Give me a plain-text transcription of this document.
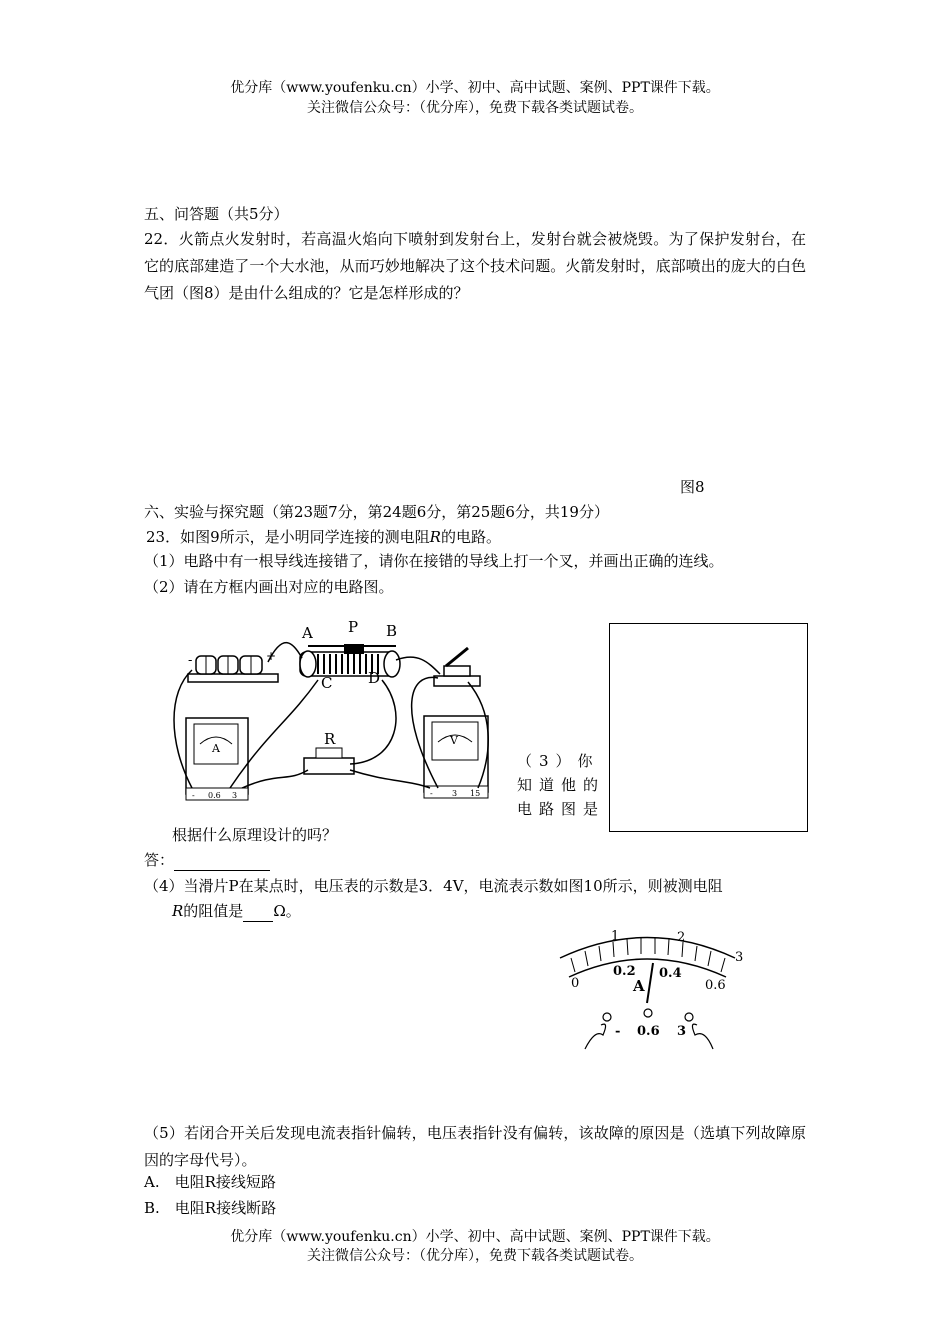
优分库（www.youfenku.cn）小学、初中、高中试题、案例、PPT课件下载。
关注微信公众号：（优分库），免费下载各类试题试卷。
五、问答题（共5分）
22．火箭点火发射时，若高温火焰向下喷射到发射台上，发射台就会被烧毁。为了保护发射台，在它的底部建造了一个大水池，从而巧妙地解决了这个技术问题。火箭发射时，底部喷出的庞大的白色气团（图8）是由什么组成的？它是怎样形成的？
图8
六、实验与探究题（第23题7分，第24题6分，第25题6分，共19分）
23．如图9所示，是小明同学连接的测电阻R的电路。
（1）电路中有一根导线连接错了，请你在接错的导线上打一个叉，并画出正确的连线。
（2）请在方框内画出对应的电路图。
-	+
A P B
C D
A
- 0.6 3
R	V
- 3 15
（3）你
知道他的
电路图是
根据什么原理设计的吗？
答：
（4）当滑片P在某点时，电压表的示数是3．4V，电流表示数如图10所示，则被测电阻
R的阻值是 Ω。
1	2
3
0
0.2 0.4
0.6
A
- 0.6 3
（5）若闭合开关后发现电流表指针偏转，电压表指针没有偏转，该故障的原因是（选填下列故障原因的字母代号）。
A.　电阻R接线短路
B.　电阻R接线断路
优分库（www.youfenku.cn）小学、初中、高中试题、案例、PPT课件下载。
关注微信公众号：（优分库），免费下载各类试题试卷。
